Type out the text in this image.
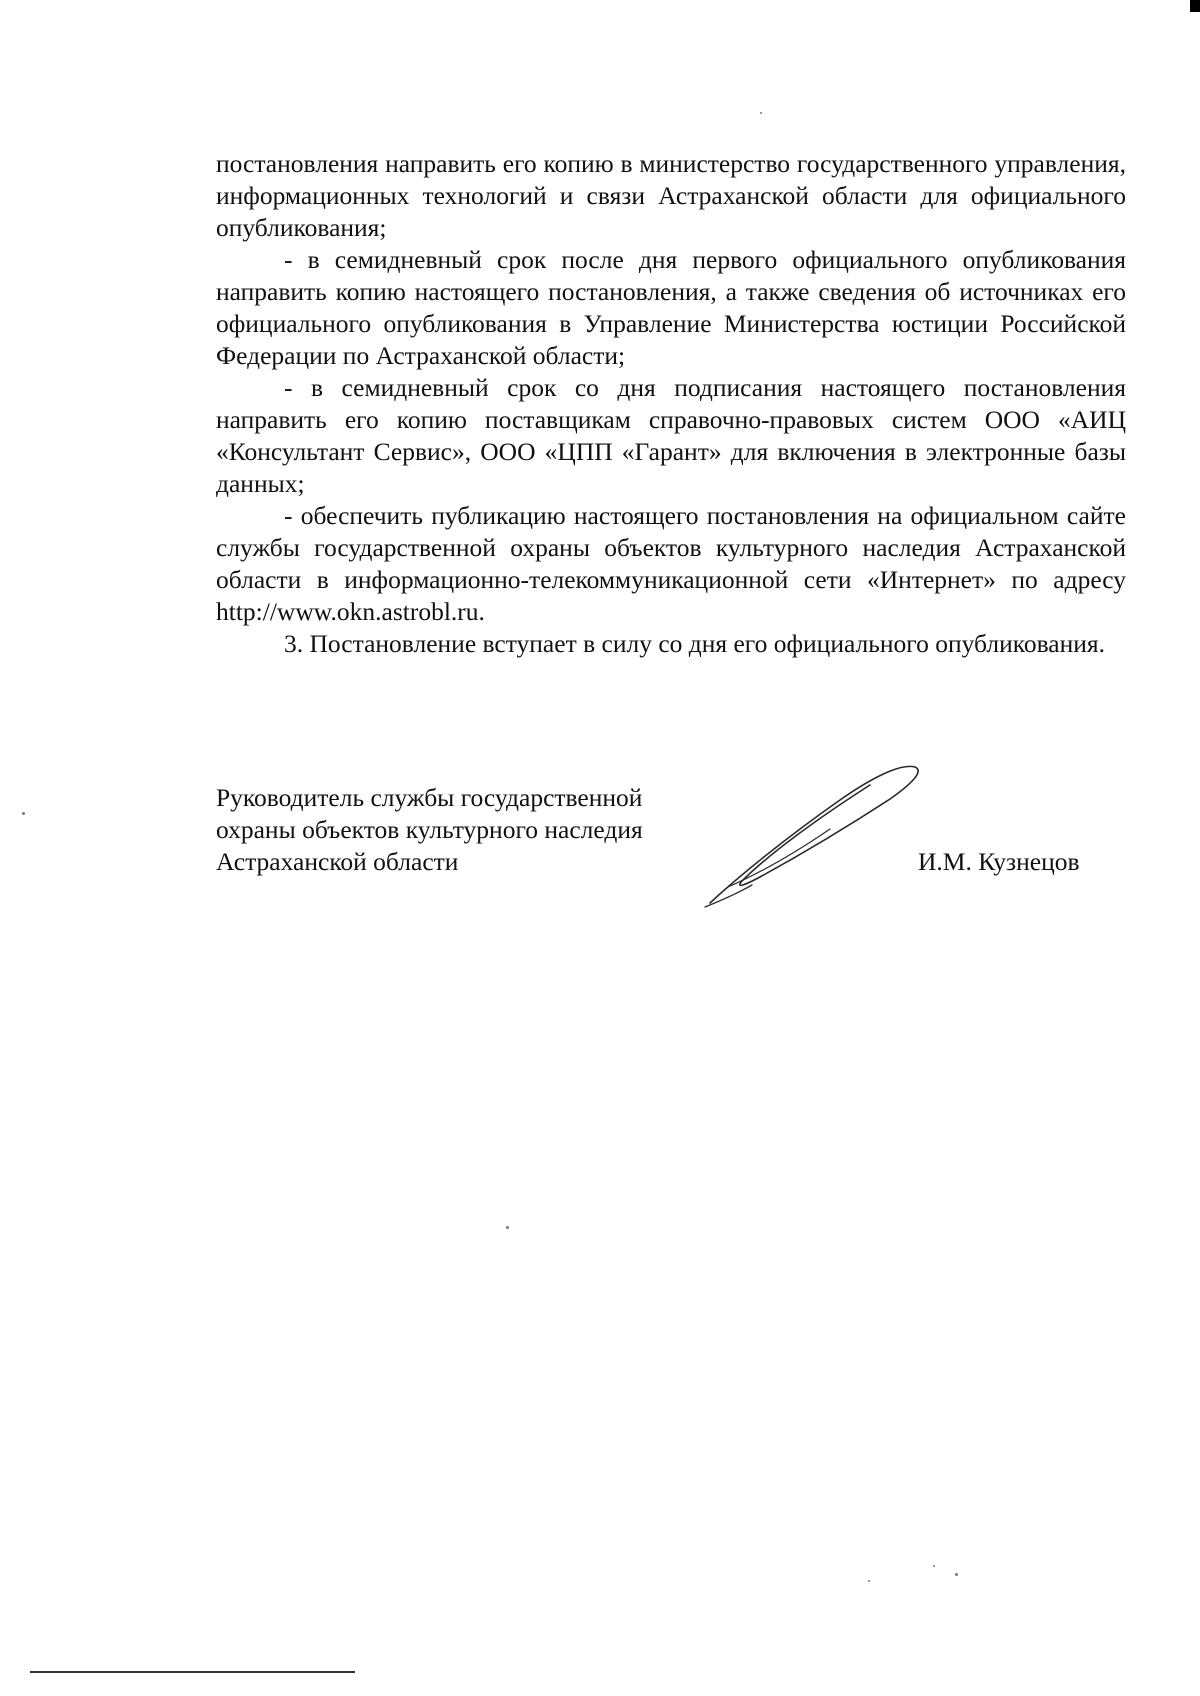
постановления направить его копию в министерство государственного управления, информационных технологий и связи Астраханской области для официального опубликования;

- в семидневный срок после дня первого официального опубликования направить копию настоящего постановления, а также сведения об источниках его официального опубликования в Управление Министерства юстиции Российской Федерации по Астраханской области;

- в семидневный срок со дня подписания настоящего постановления направить его копию поставщикам справочно-правовых систем ООО «АИЦ «Консультант Сервис», ООО «ЦПП «Гарант» для включения в электронные базы данных;

- обеспечить публикацию настоящего постановления на официальном сайте службы государственной охраны объектов культурного наследия Астраханской области в информационно-телекоммуникационной сети «Интернет» по адресу http://www.okn.astrobl.ru.

3. Постановление вступает в силу со дня его официального опубликования.

Руководитель службы государственной
охраны объектов культурного наследия
Астраханской области	И.М. Кузнецов
